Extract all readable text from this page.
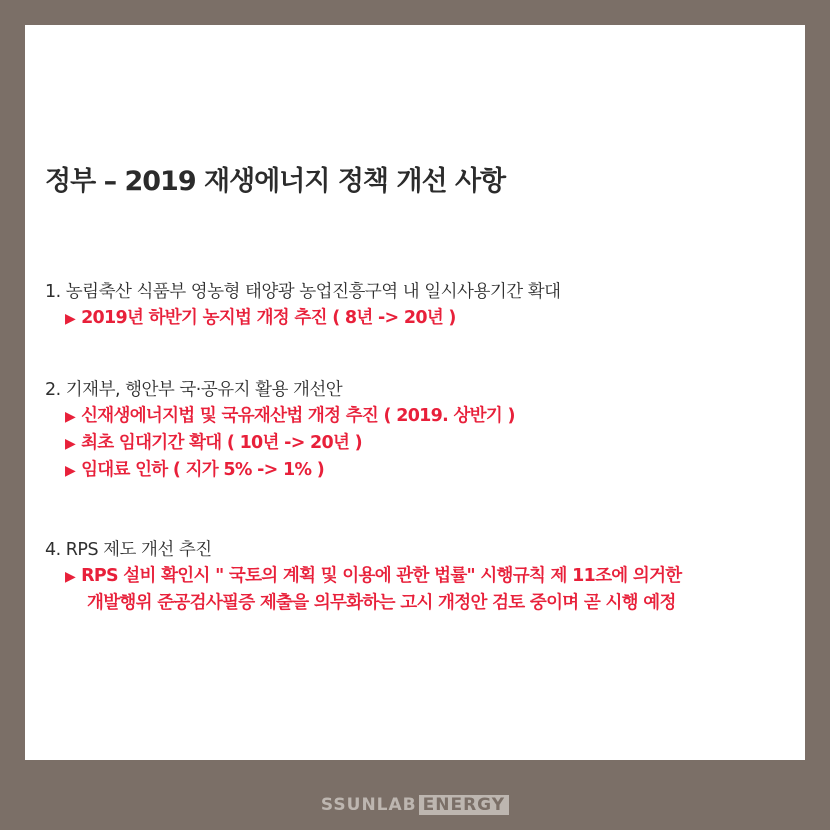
정부 – 2019 재생에너지 정책 개선 사항
1. 농림축산 식품부 영농형 태양광 농업진흥구역 내 일시사용기간 확대
▶ 2019년 하반기 농지법 개정 추진 ( 8년 -> 20년 )
2. 기재부, 행안부 국·공유지 활용 개선안
▶ 신재생에너지법 및 국유재산법 개정 추진 ( 2019. 상반기 )
▶ 최초 임대기간 확대 ( 10년 -> 20년 )
▶ 임대료 인하 ( 지가 5% -> 1% )
4. RPS 제도 개선 추진
▶ RPS 설비 확인시 " 국토의 계획 및 이용에 관한 법률" 시행규칙 제 11조에 의거한
개발행위 준공검사필증 제출을 의무화하는 고시 개정안 검토 중이며 곧 시행 예정
SSUNLAB ENERGY
